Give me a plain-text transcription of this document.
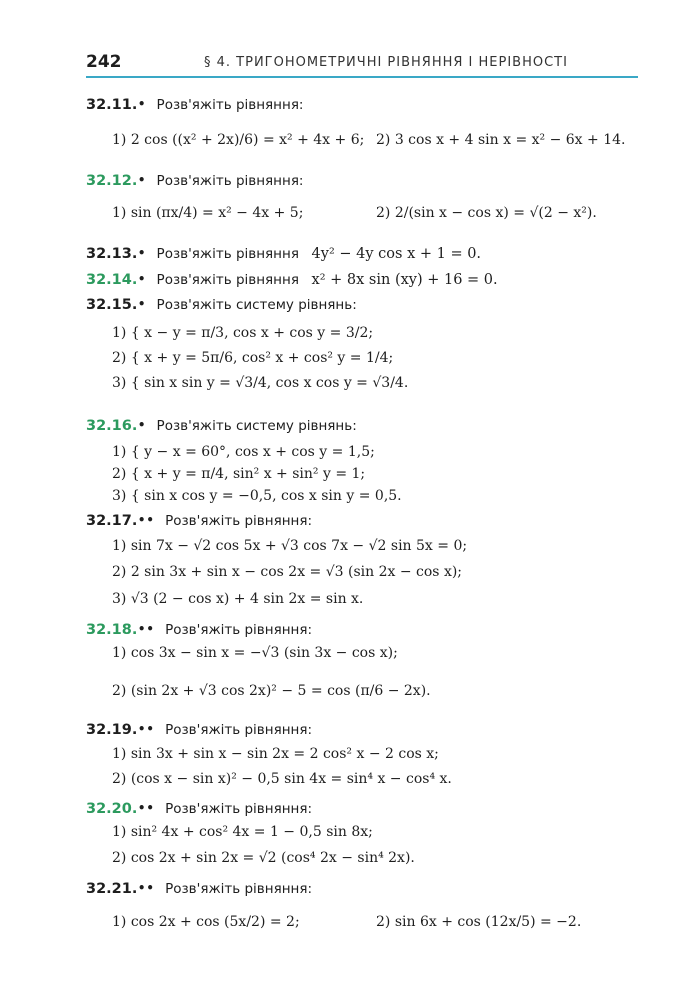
242	§ 4. ТРИГОНОМЕТРИЧНІ РІВНЯННЯ І НЕРІВНОСТІ
32.11.• Розв'яжіть рівняння:
1) 2 cos ((x² + 2x)/6) = x² + 4x + 6; 2) 3 cos x + 4 sin x = x² − 6x + 14.
32.12.• Розв'яжіть рівняння:
1) sin (πx/4) = x² − 4x + 5;	2) 2/(sin x − cos x) = √(2 − x²).
32.13.• Розв'яжіть рівняння 4y² − 4y cos x + 1 = 0.
32.14.• Розв'яжіть рівняння x² + 8x sin (xy) + 16 = 0.
32.15.• Розв'яжіть систему рівнянь:
1) { x − y = π/3, cos x + cos y = 3/2;
2) { x + y = 5π/6, cos² x + cos² y = 1/4;
3) { sin x sin y = √3/4, cos x cos y = √3/4.
32.16.• Розв'яжіть систему рівнянь:
1) { y − x = 60°, cos x + cos y = 1,5;
2) { x + y = π/4, sin² x + sin² y = 1;
3) { sin x cos y = −0,5, cos x sin y = 0,5.
32.17.•• Розв'яжіть рівняння:
1) sin 7x − √2 cos 5x + √3 cos 7x − √2 sin 5x = 0;
2) 2 sin 3x + sin x − cos 2x = √3 (sin 2x − cos x);
3) √3 (2 − cos x) + 4 sin 2x = sin x.
32.18.•• Розв'яжіть рівняння:
1) cos 3x − sin x = −√3 (sin 3x − cos x);
2) (sin 2x + √3 cos 2x)² − 5 = cos (π/6 − 2x).
32.19.•• Розв'яжіть рівняння:
1) sin 3x + sin x − sin 2x = 2 cos² x − 2 cos x;
2) (cos x − sin x)² − 0,5 sin 4x = sin⁴ x − cos⁴ x.
32.20.•• Розв'яжіть рівняння:
1) sin² 4x + cos² 4x = 1 − 0,5 sin 8x;
2) cos 2x + sin 2x = √2 (cos⁴ 2x − sin⁴ 2x).
32.21.•• Розв'яжіть рівняння:
1) cos 2x + cos (5x/2) = 2;	2) sin 6x + cos (12x/5) = −2.
